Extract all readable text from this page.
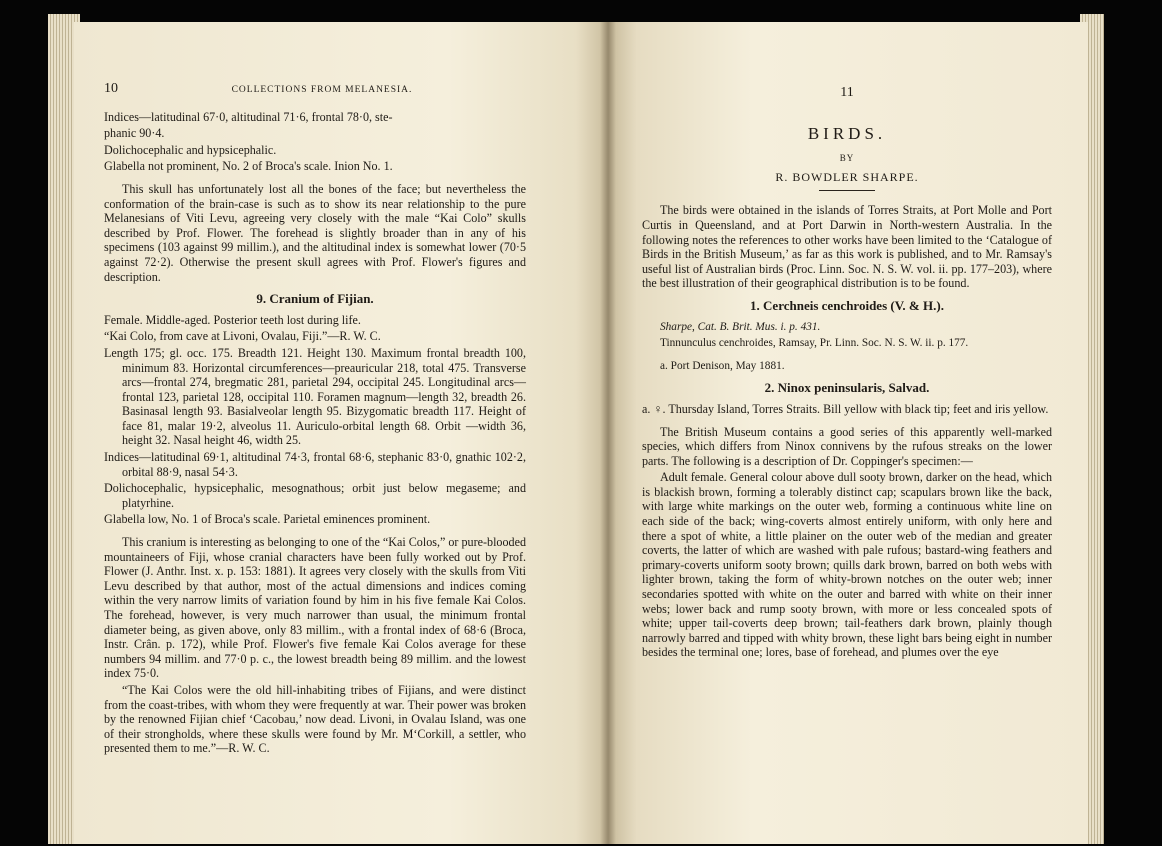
10	COLLECTIONS FROM MELANESIA.

Indices—latitudinal 67·0, altitudinal 71·6, frontal 78·0, ste-

phanic 90·4.

Dolichocephalic and hypsicephalic.

Glabella not prominent, No. 2 of Broca's scale. Inion No. 1.

This skull has unfortunately lost all the bones of the face; but nevertheless the conformation of the brain-case is such as to show its near relationship to the pure Melanesians of Viti Levu, agreeing very closely with the male “Kai Colo” skulls described by Prof. Flower. The forehead is slightly broader than in any of his specimens (103 against 99 millim.), and the altitudinal index is somewhat lower (70·5 against 72·2). Otherwise the present skull agrees with Prof. Flower's figures and description.

9. Cranium of Fijian.

Female. Middle-aged. Posterior teeth lost during life.

“Kai Colo, from cave at Livoni, Ovalau, Fiji.”—R. W. C.

Length 175; gl. occ. 175. Breadth 121. Height 130. Maximum frontal breadth 100, minimum 83. Horizontal circumferences—preauricular 218, total 475. Transverse arcs—frontal 274, bregmatic 281, parietal 294, occipital 245. Longitudinal arcs—frontal 123, parietal 128, occipital 110. Foramen magnum—length 32, breadth 26. Basinasal length 93. Basialveolar length 95. Bizygomatic breadth 117. Height of face 81, malar 19·2, alveolus 11. Auriculo-orbital length 68. Orbit —width 36, height 32. Nasal height 46, width 25.

Indices—latitudinal 69·1, altitudinal 74·3, frontal 68·6, stephanic 83·0, gnathic 102·2, orbital 88·9, nasal 54·3.

Dolichocephalic, hypsicephalic, mesognathous; orbit just below megaseme; and platyrhine.

Glabella low, No. 1 of Broca's scale. Parietal eminences prominent.

This cranium is interesting as belonging to one of the “Kai Colos,” or pure-blooded mountaineers of Fiji, whose cranial characters have been fully worked out by Prof. Flower (J. Anthr. Inst. x. p. 153: 1881). It agrees very closely with the skulls from Viti Levu described by that author, most of the actual dimensions and indices coming within the very narrow limits of variation found by him in his five female Kai Colos. The forehead, however, is very much narrower than usual, the minimum frontal diameter being, as given above, only 83 millim., with a frontal index of 68·6 (Broca, Instr. Crân. p. 172), while Prof. Flower's five female Kai Colos average for these numbers 94 millim. and 77·0 p. c., the lowest breadth being 89 millim. and the lowest index 75·0.

“The Kai Colos were the old hill-inhabiting tribes of Fijians, and were distinct from the coast-tribes, with whom they were frequently at war. Their power was broken by the renowned Fijian chief ‘Cacobau,’ now dead. Livoni, in Ovalau Island, was one of their strongholds, where these skulls were found by Mr. M‘Corkill, a settler, who presented them to me.”—R. W. C.

11
BIRDS.
BY
R. BOWDLER SHARPE.

The birds were obtained in the islands of Torres Straits, at Port Molle and Port Curtis in Queensland, and at Port Darwin in North-western Australia. In the following notes the references to other works have been limited to the ‘Catalogue of Birds in the British Museum,’ as far as this work is published, and to Mr. Ramsay's useful list of Australian birds (Proc. Linn. Soc. N. S. W. vol. ii. pp. 177–203), where the best illustration of their geographical distribution is to be found.

1. Cerchneis cenchroides (V. & H.).

Sharpe, Cat. B. Brit. Mus. i. p. 431.

Tinnunculus cenchroides, Ramsay, Pr. Linn. Soc. N. S. W. ii. p. 177.

a. Port Denison, May 1881.

2. Ninox peninsularis, Salvad.

a. ♀. Thursday Island, Torres Straits. Bill yellow with black tip; feet and iris yellow.

The British Museum contains a good series of this apparently well-marked species, which differs from Ninox connivens by the rufous streaks on the lower parts. The following is a description of Dr. Coppinger's specimen:—

Adult female. General colour above dull sooty brown, darker on the head, which is blackish brown, forming a tolerably distinct cap; scapulars brown like the back, with large white markings on the outer web, forming a continuous white line on each side of the back; wing-coverts almost entirely uniform, with only here and there a spot of white, a little plainer on the outer web of the median and greater coverts, the latter of which are washed with pale rufous; bastard-wing feathers and primary-coverts uniform sooty brown; quills dark brown, barred on both webs with lighter brown, taking the form of whity-brown notches on the outer web; inner secondaries spotted with white on the outer and barred with white on their inner webs; lower back and rump sooty brown, with more or less concealed spots of white; upper tail-coverts deep brown; tail-feathers dark brown, plainly though narrowly barred and tipped with whity brown, these light bars being eight in number besides the terminal one; lores, base of forehead, and plumes over the eye
